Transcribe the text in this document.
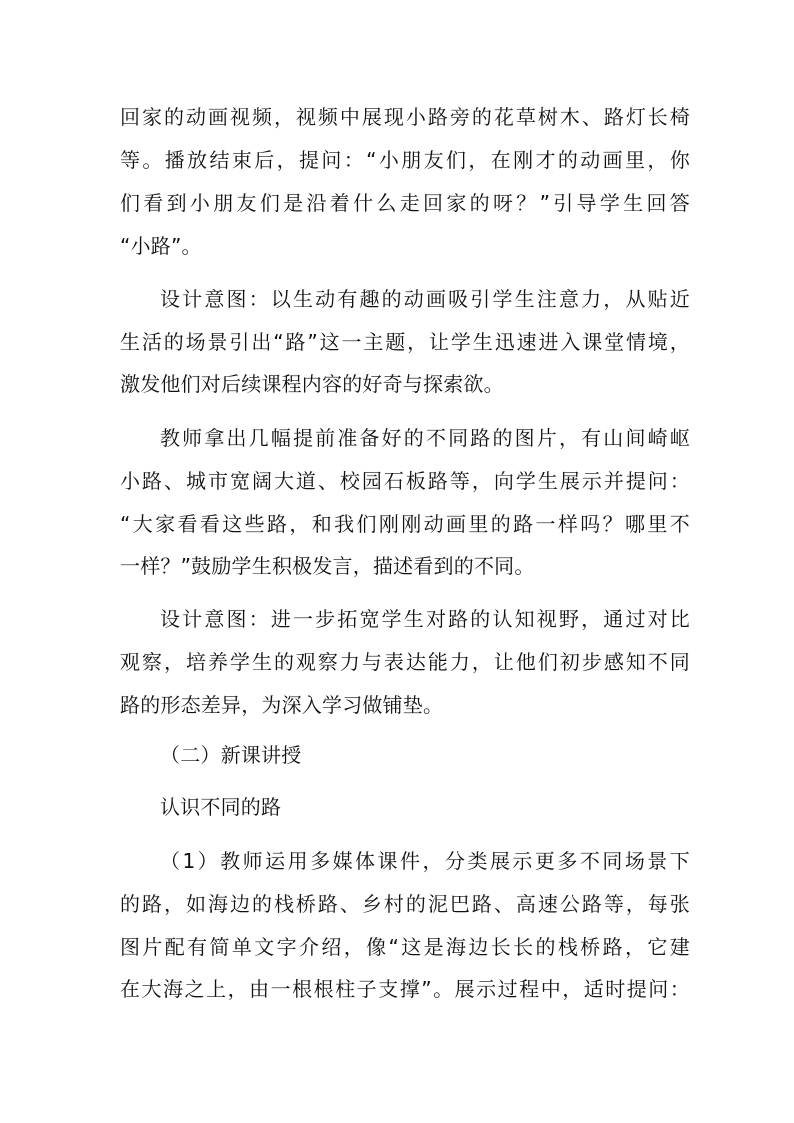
回家的动画视频，视频中展现小路旁的花草树木、路灯长椅
等。播放结束后，提问：“小朋友们，在刚才的动画里，你
们看到小朋友们是沿着什么走回家的呀？”引导学生回答
“小路”。
设计意图：以生动有趣的动画吸引学生注意力，从贴近
生活的场景引出“路”这一主题，让学生迅速进入课堂情境，
激发他们对后续课程内容的好奇与探索欲。
教师拿出几幅提前准备好的不同路的图片，有山间崎岖
小路、城市宽阔大道、校园石板路等，向学生展示并提问：
“大家看看这些路，和我们刚刚动画里的路一样吗？哪里不
一样？”鼓励学生积极发言，描述看到的不同。
设计意图：进一步拓宽学生对路的认知视野，通过对比
观察，培养学生的观察力与表达能力，让他们初步感知不同
路的形态差异，为深入学习做铺垫。
（二）新课讲授
认识不同的路
（1）教师运用多媒体课件，分类展示更多不同场景下
的路，如海边的栈桥路、乡村的泥巴路、高速公路等，每张
图片配有简单文字介绍，像“这是海边长长的栈桥路，它建
在大海之上，由一根根柱子支撑”。展示过程中，适时提问：
